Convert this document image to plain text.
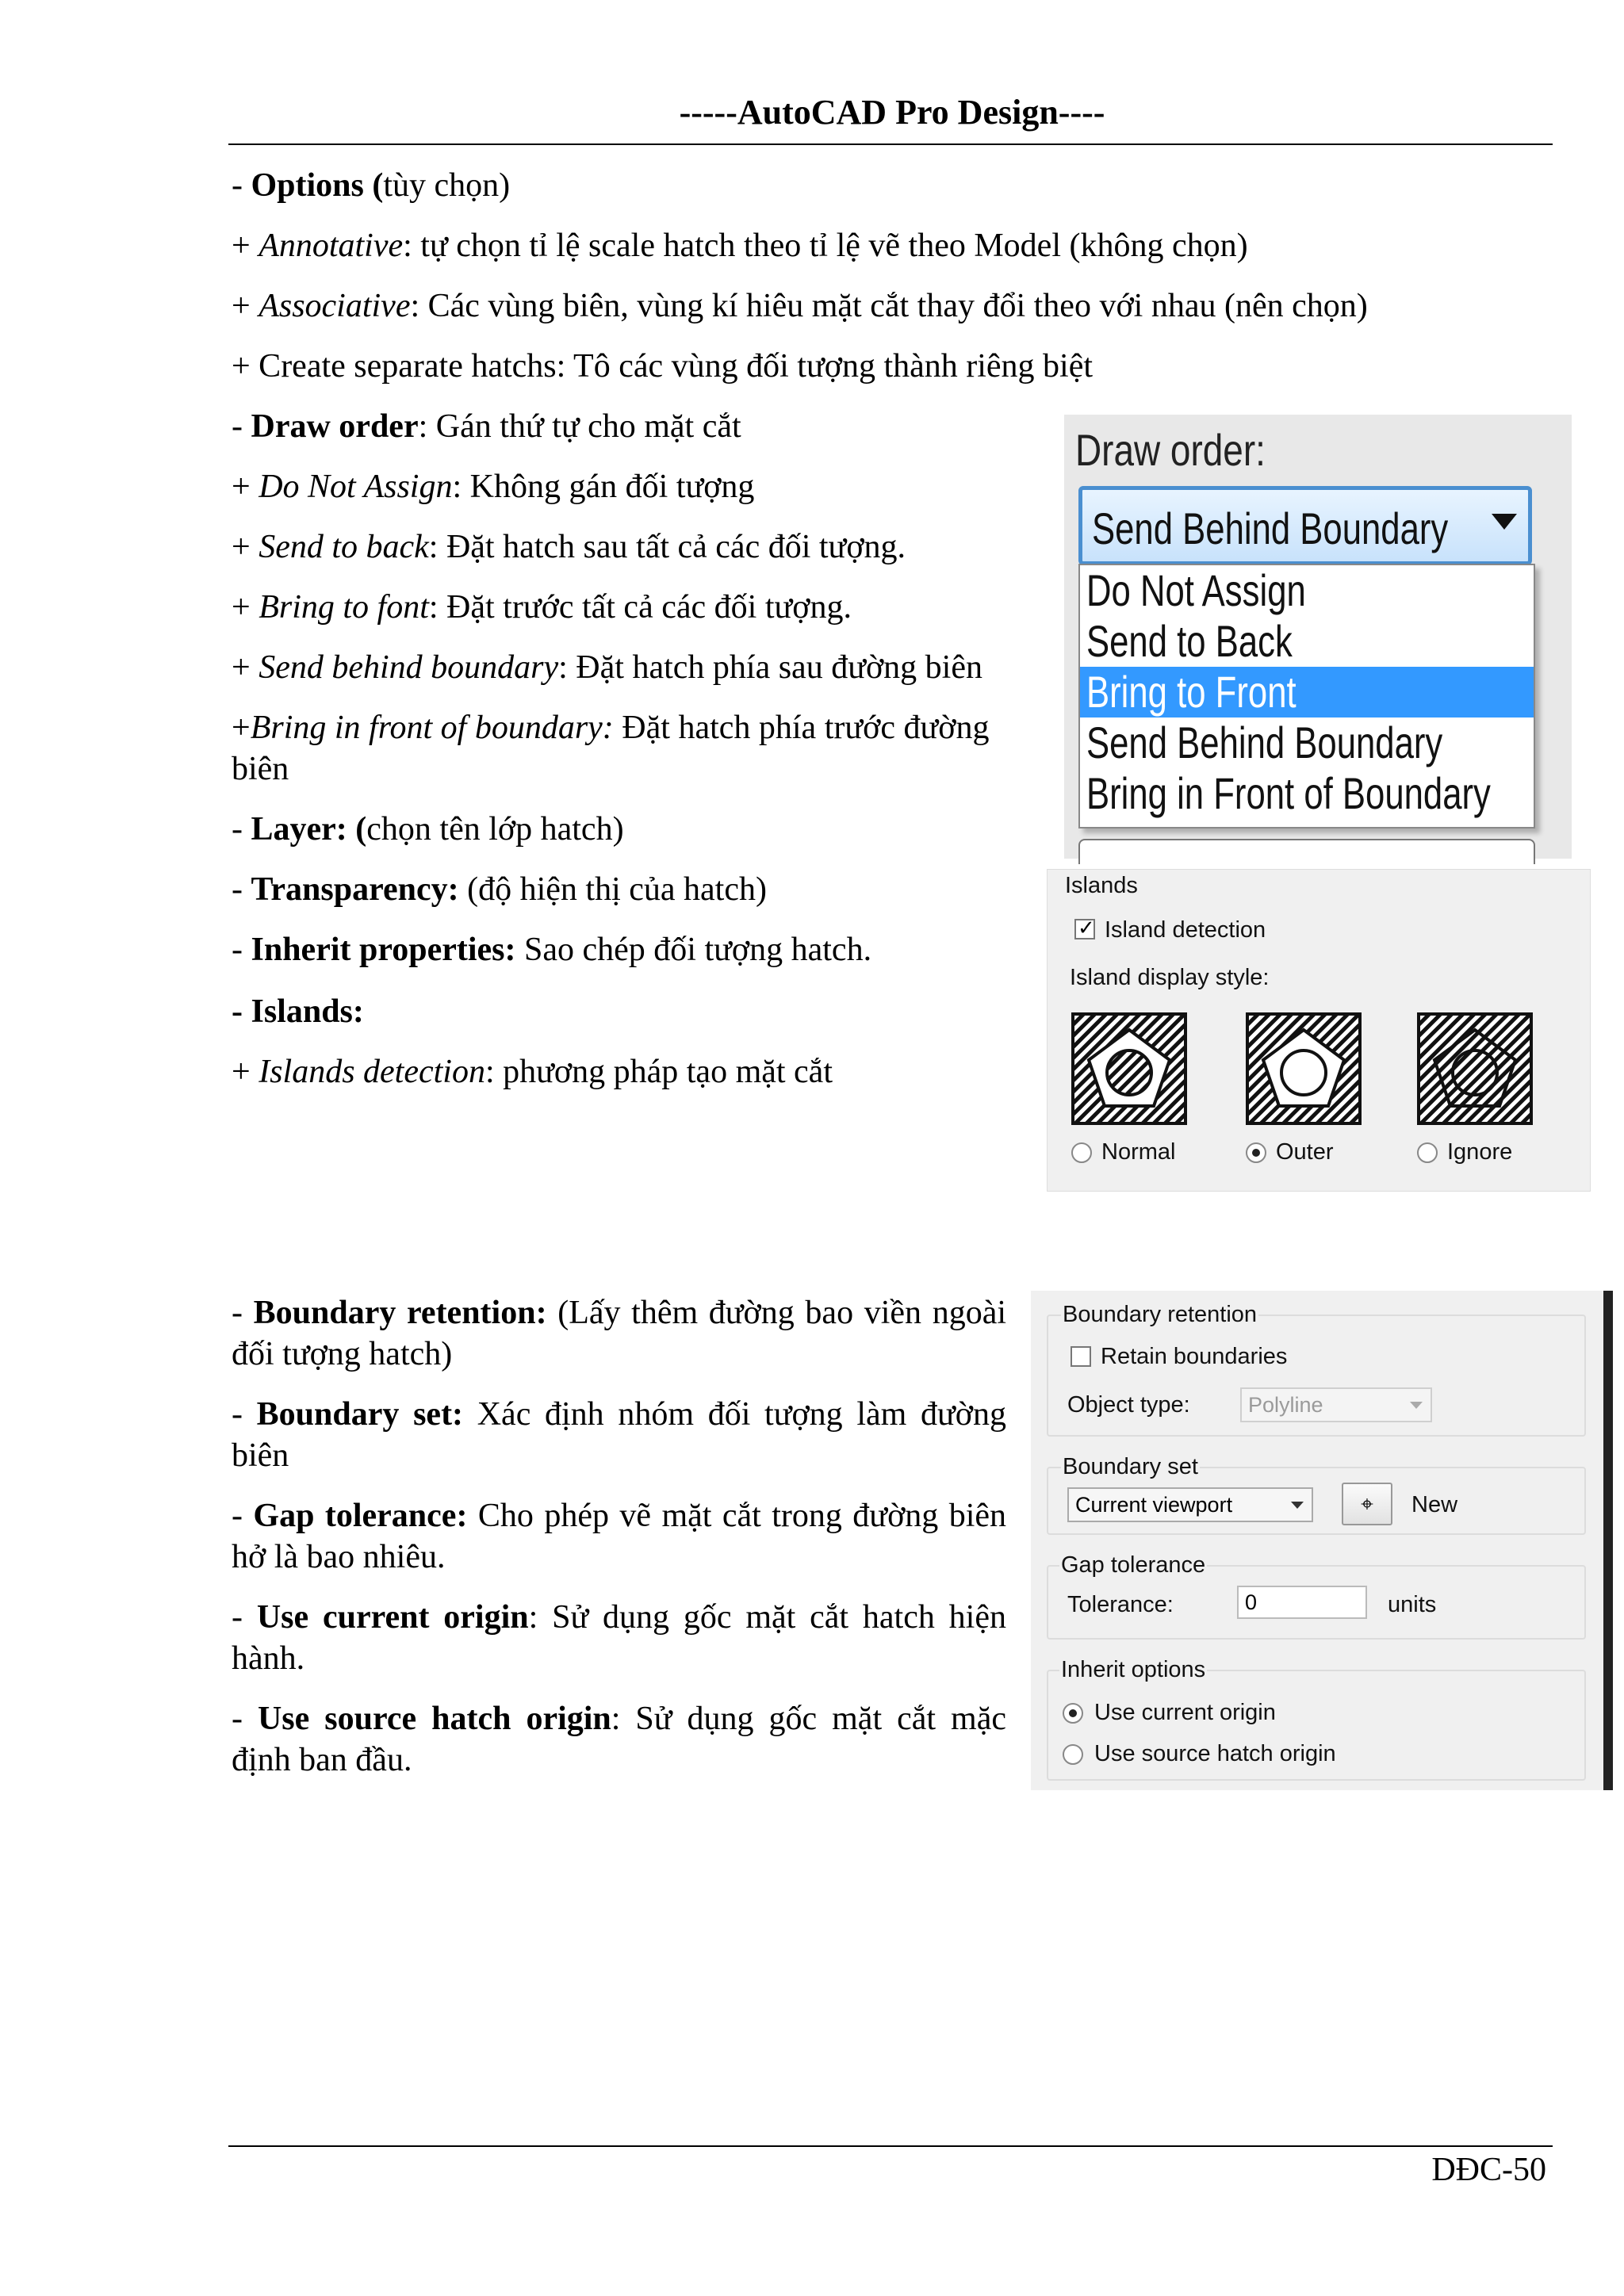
-----AutoCAD Pro Design----
DĐC-50
- Options (tùy chọn)
+ Annotative: tự chọn tỉ lệ scale hatch theo tỉ lệ vẽ theo Model (không chọn)
+ Associative: Các vùng biên, vùng kí hiêu mặt cắt thay đổi theo với nhau (nên chọn)
+ Create separate hatchs: Tô các vùng đối tượng thành riêng biệt
- Draw order: Gán thứ tự cho mặt cắt
+ Do Not Assign: Không gán đối tượng
+ Send to back: Đặt hatch sau tất cả các đối tượng.
+ Bring to font: Đặt trước tất cả các đối tượng.
+ Send behind boundary: Đặt hatch phía sau đường biên
+Bring in front of boundary: Đặt hatch phía trước đường biên
- Layer: (chọn tên lớp hatch)
- Transparency: (độ hiện thị của hatch)
- Inherit properties: Sao chép đối tượng hatch.
- Islands:
+ Islands detection: phương pháp tạo mặt cắt
- Boundary retention: (Lấy thêm đường bao viền ngoài đối tượng hatch)
- Boundary set: Xác định nhóm đối tượng làm đường biên
- Gap tolerance: Cho phép vẽ mặt cắt trong đường biên hở là bao nhiêu.
- Use current origin: Sử dụng gốc mặt cắt hatch hiện hành.
- Use source hatch origin: Sử dụng gốc mặt cắt mặc định ban đầu.
Draw order:
Send Behind Boundary
Do Not Assign
Send to Back
Bring to Front
Send Behind Boundary
Bring in Front of Boundary
Islands
✓
Island detection
Island display style:
Normal	Outer	Ignore
Boundary retention
Retain boundaries
Object type:	Polyline
Boundary set
Current viewport	⌖	New
Gap tolerance
Tolerance:	0	units
Inherit options
Use current origin
Use source hatch origin
